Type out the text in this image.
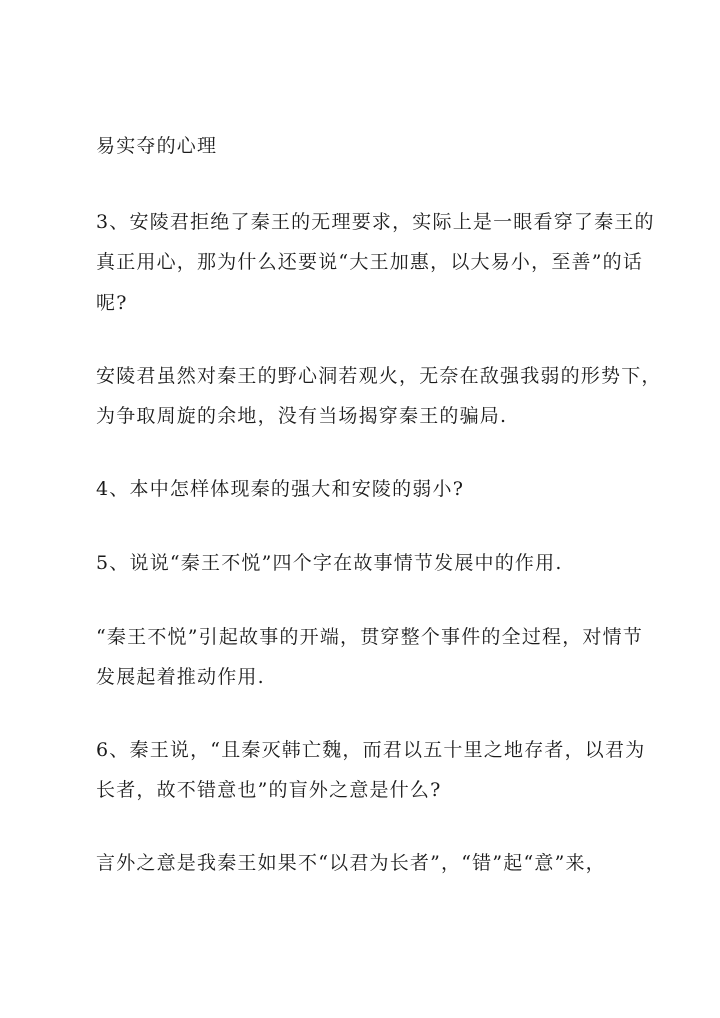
易实夺的心理
3、安陵君拒绝了秦王的无理要求，实际上是一眼看穿了秦王的
真正用心，那为什么还要说“大王加惠，以大易小，至善”的话
呢?
安陵君虽然对秦王的野心洞若观火，无奈在敌强我弱的形势下，
为争取周旋的余地，没有当场揭穿秦王的骗局.
4、本中怎样体现秦的强大和安陵的弱小?
5、说说“秦王不悦”四个字在故事情节发展中的作用.
“秦王不悦”引起故事的开端，贯穿整个事件的全过程，对情节
发展起着推动作用.
6、秦王说，“且秦灭韩亡魏，而君以五十里之地存者，以君为
长者，故不错意也”的盲外之意是什么?
言外之意是我秦王如果不“以君为长者”，“错”起“意”来，
